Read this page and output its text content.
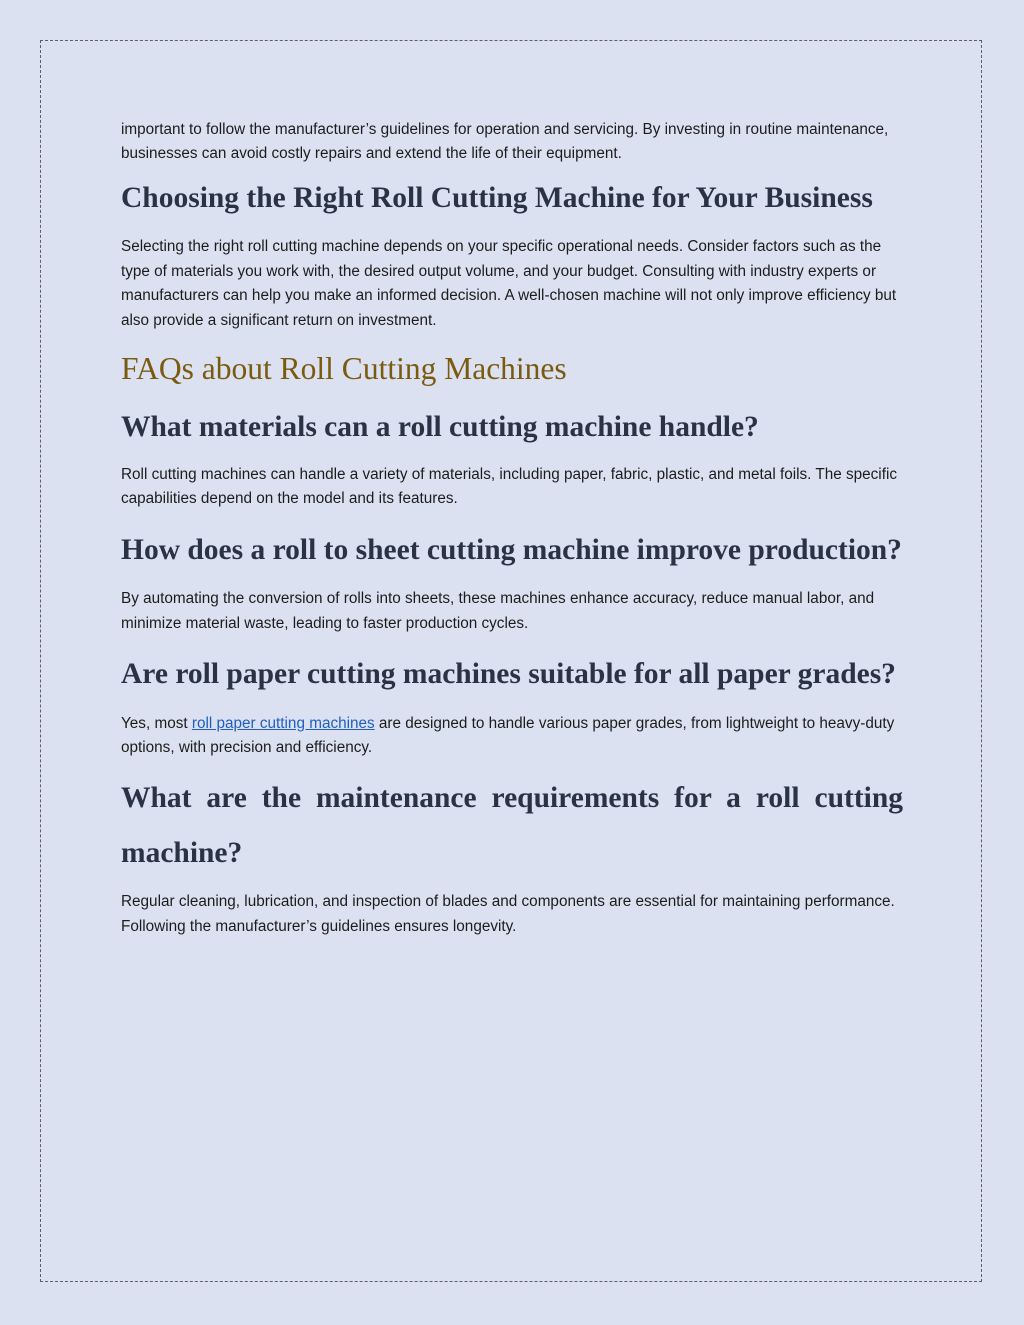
important to follow the manufacturer’s guidelines for operation and servicing. By investing in routine maintenance, businesses can avoid costly repairs and extend the life of their equipment.

Choosing the Right Roll Cutting Machine for Your Business

Selecting the right roll cutting machine depends on your specific operational needs. Consider factors such as the type of materials you work with, the desired output volume, and your budget. Consulting with industry experts or manufacturers can help you make an informed decision. A well-chosen machine will not only improve efficiency but also provide a significant return on investment.

FAQs about Roll Cutting Machines
What materials can a roll cutting machine handle?

Roll cutting machines can handle a variety of materials, including paper, fabric, plastic, and metal foils. The specific capabilities depend on the model and its features.

How does a roll to sheet cutting machine improve production?

By automating the conversion of rolls into sheets, these machines enhance accuracy, reduce manual labor, and minimize material waste, leading to faster production cycles.

Are roll paper cutting machines suitable for all paper grades?

Yes, most roll paper cutting machines are designed to handle various paper grades, from lightweight to heavy-duty options, with precision and efficiency.

What are the maintenance requirements for a roll cutting machine?

Regular cleaning, lubrication, and inspection of blades and components are essential for maintaining performance. Following the manufacturer’s guidelines ensures longevity.
